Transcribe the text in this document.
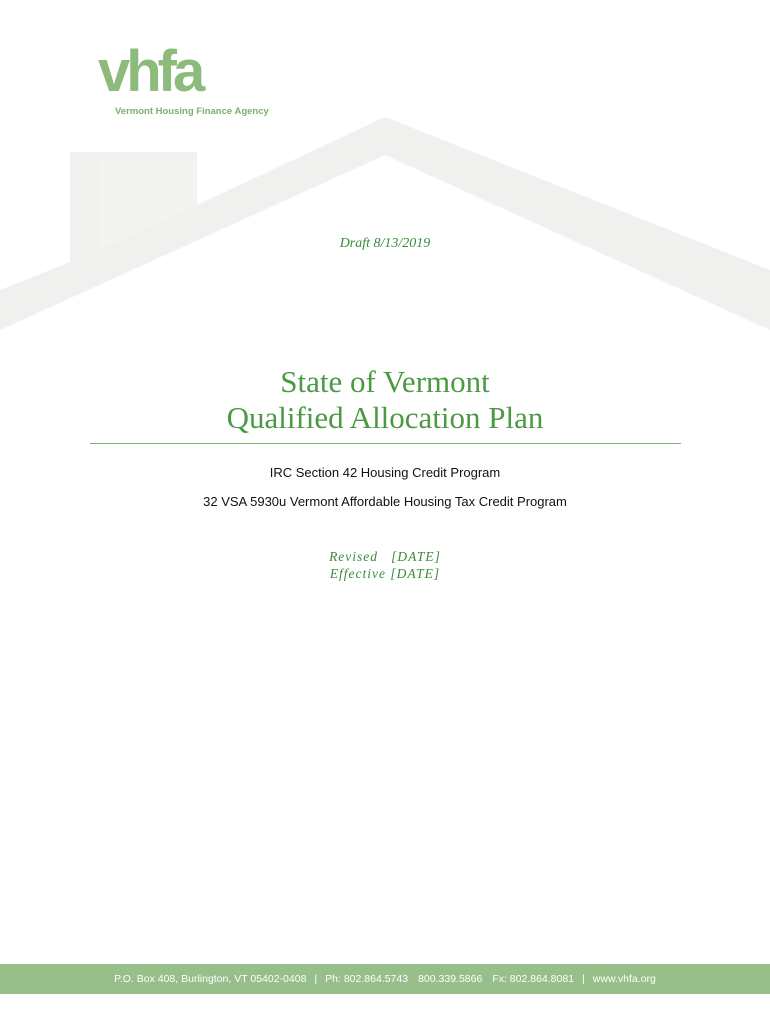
vhfa
Vermont Housing Finance Agency
Draft 8/13/2019
State of Vermont
Qualified Allocation Plan
IRC Section 42 Housing Credit Program
32 VSA 5930u Vermont Affordable Housing Tax Credit Program
Revised   [DATE]
Effective [DATE]
P.O. Box 408, Burlington, VT 05402-0408 | Ph: 802.864.5743 800.339.5866 Fx: 802.864.8081 | www.vhfa.org
